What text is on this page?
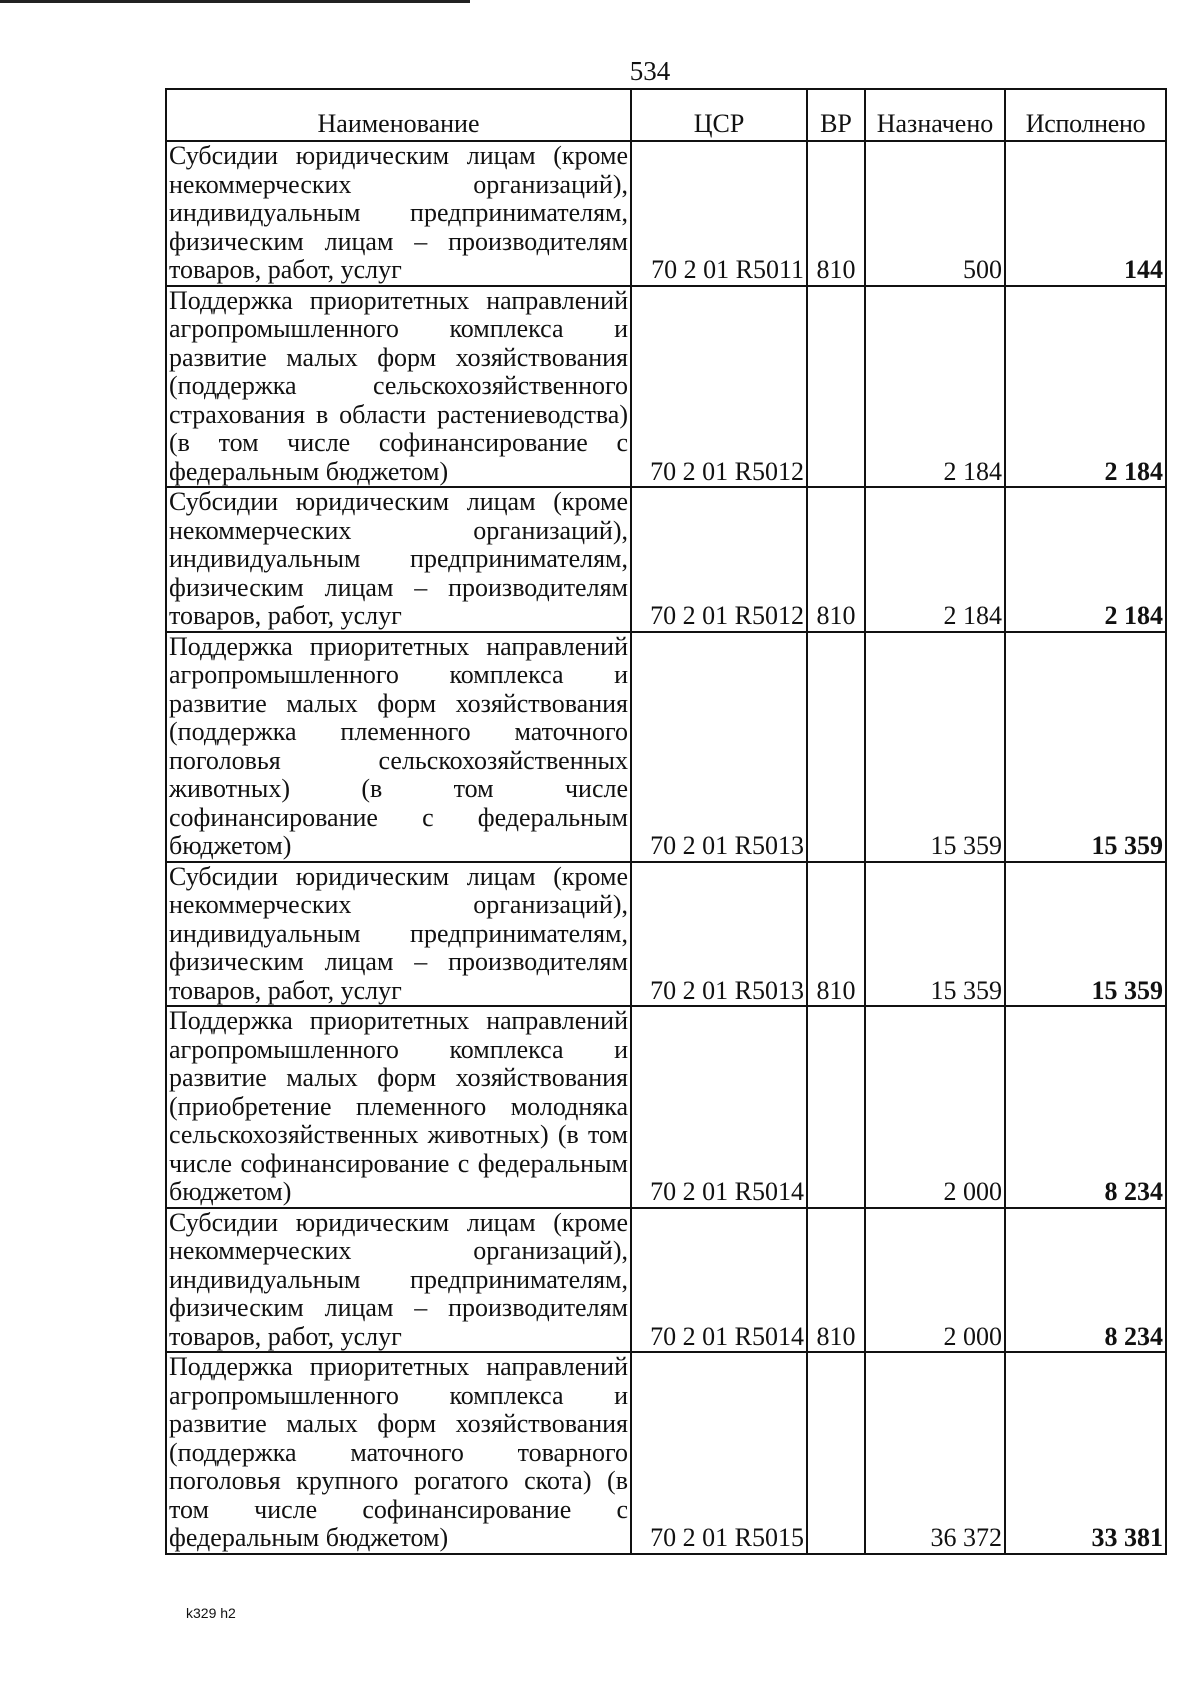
534
Наименование	ЦСР	ВР	Назначено	Исполнено
Субсидии юридическим лицам (кроме некоммерческих организаций), индивидуальным предпринимателям, физическим лицам – производителям товаров, работ, услуг	70 2 01 R5011	810	500	144
Поддержка приоритетных направлений агропромышленного комплекса и развитие малых форм хозяйствования (поддержка сельскохозяйственного страхования в области растениеводства) (в том числе софинансирование с федеральным бюджетом)	70 2 01 R5012		2 184	2 184
Субсидии юридическим лицам (кроме некоммерческих организаций), индивидуальным предпринимателям, физическим лицам – производителям товаров, работ, услуг	70 2 01 R5012	810	2 184	2 184
Поддержка приоритетных направлений агропромышленного комплекса и развитие малых форм хозяйствования (поддержка племенного маточного поголовья сельскохозяйственных животных) (в том числе софинансирование с федеральным бюджетом)	70 2 01 R5013		15 359	15 359
Субсидии юридическим лицам (кроме некоммерческих организаций), индивидуальным предпринимателям, физическим лицам – производителям товаров, работ, услуг	70 2 01 R5013	810	15 359	15 359
Поддержка приоритетных направлений агропромышленного комплекса и развитие малых форм хозяйствования (приобретение племенного молодняка сельскохозяйственных животных) (в том числе софинансирование с федеральным бюджетом)	70 2 01 R5014		2 000	8 234
Субсидии юридическим лицам (кроме некоммерческих организаций), индивидуальным предпринимателям, физическим лицам – производителям товаров, работ, услуг	70 2 01 R5014	810	2 000	8 234
Поддержка приоритетных направлений агропромышленного комплекса и развитие малых форм хозяйствования (поддержка маточного товарного поголовья крупного рогатого скота) (в том числе софинансирование с федеральным бюджетом)	70 2 01 R5015		36 372	33 381
k329 h2
